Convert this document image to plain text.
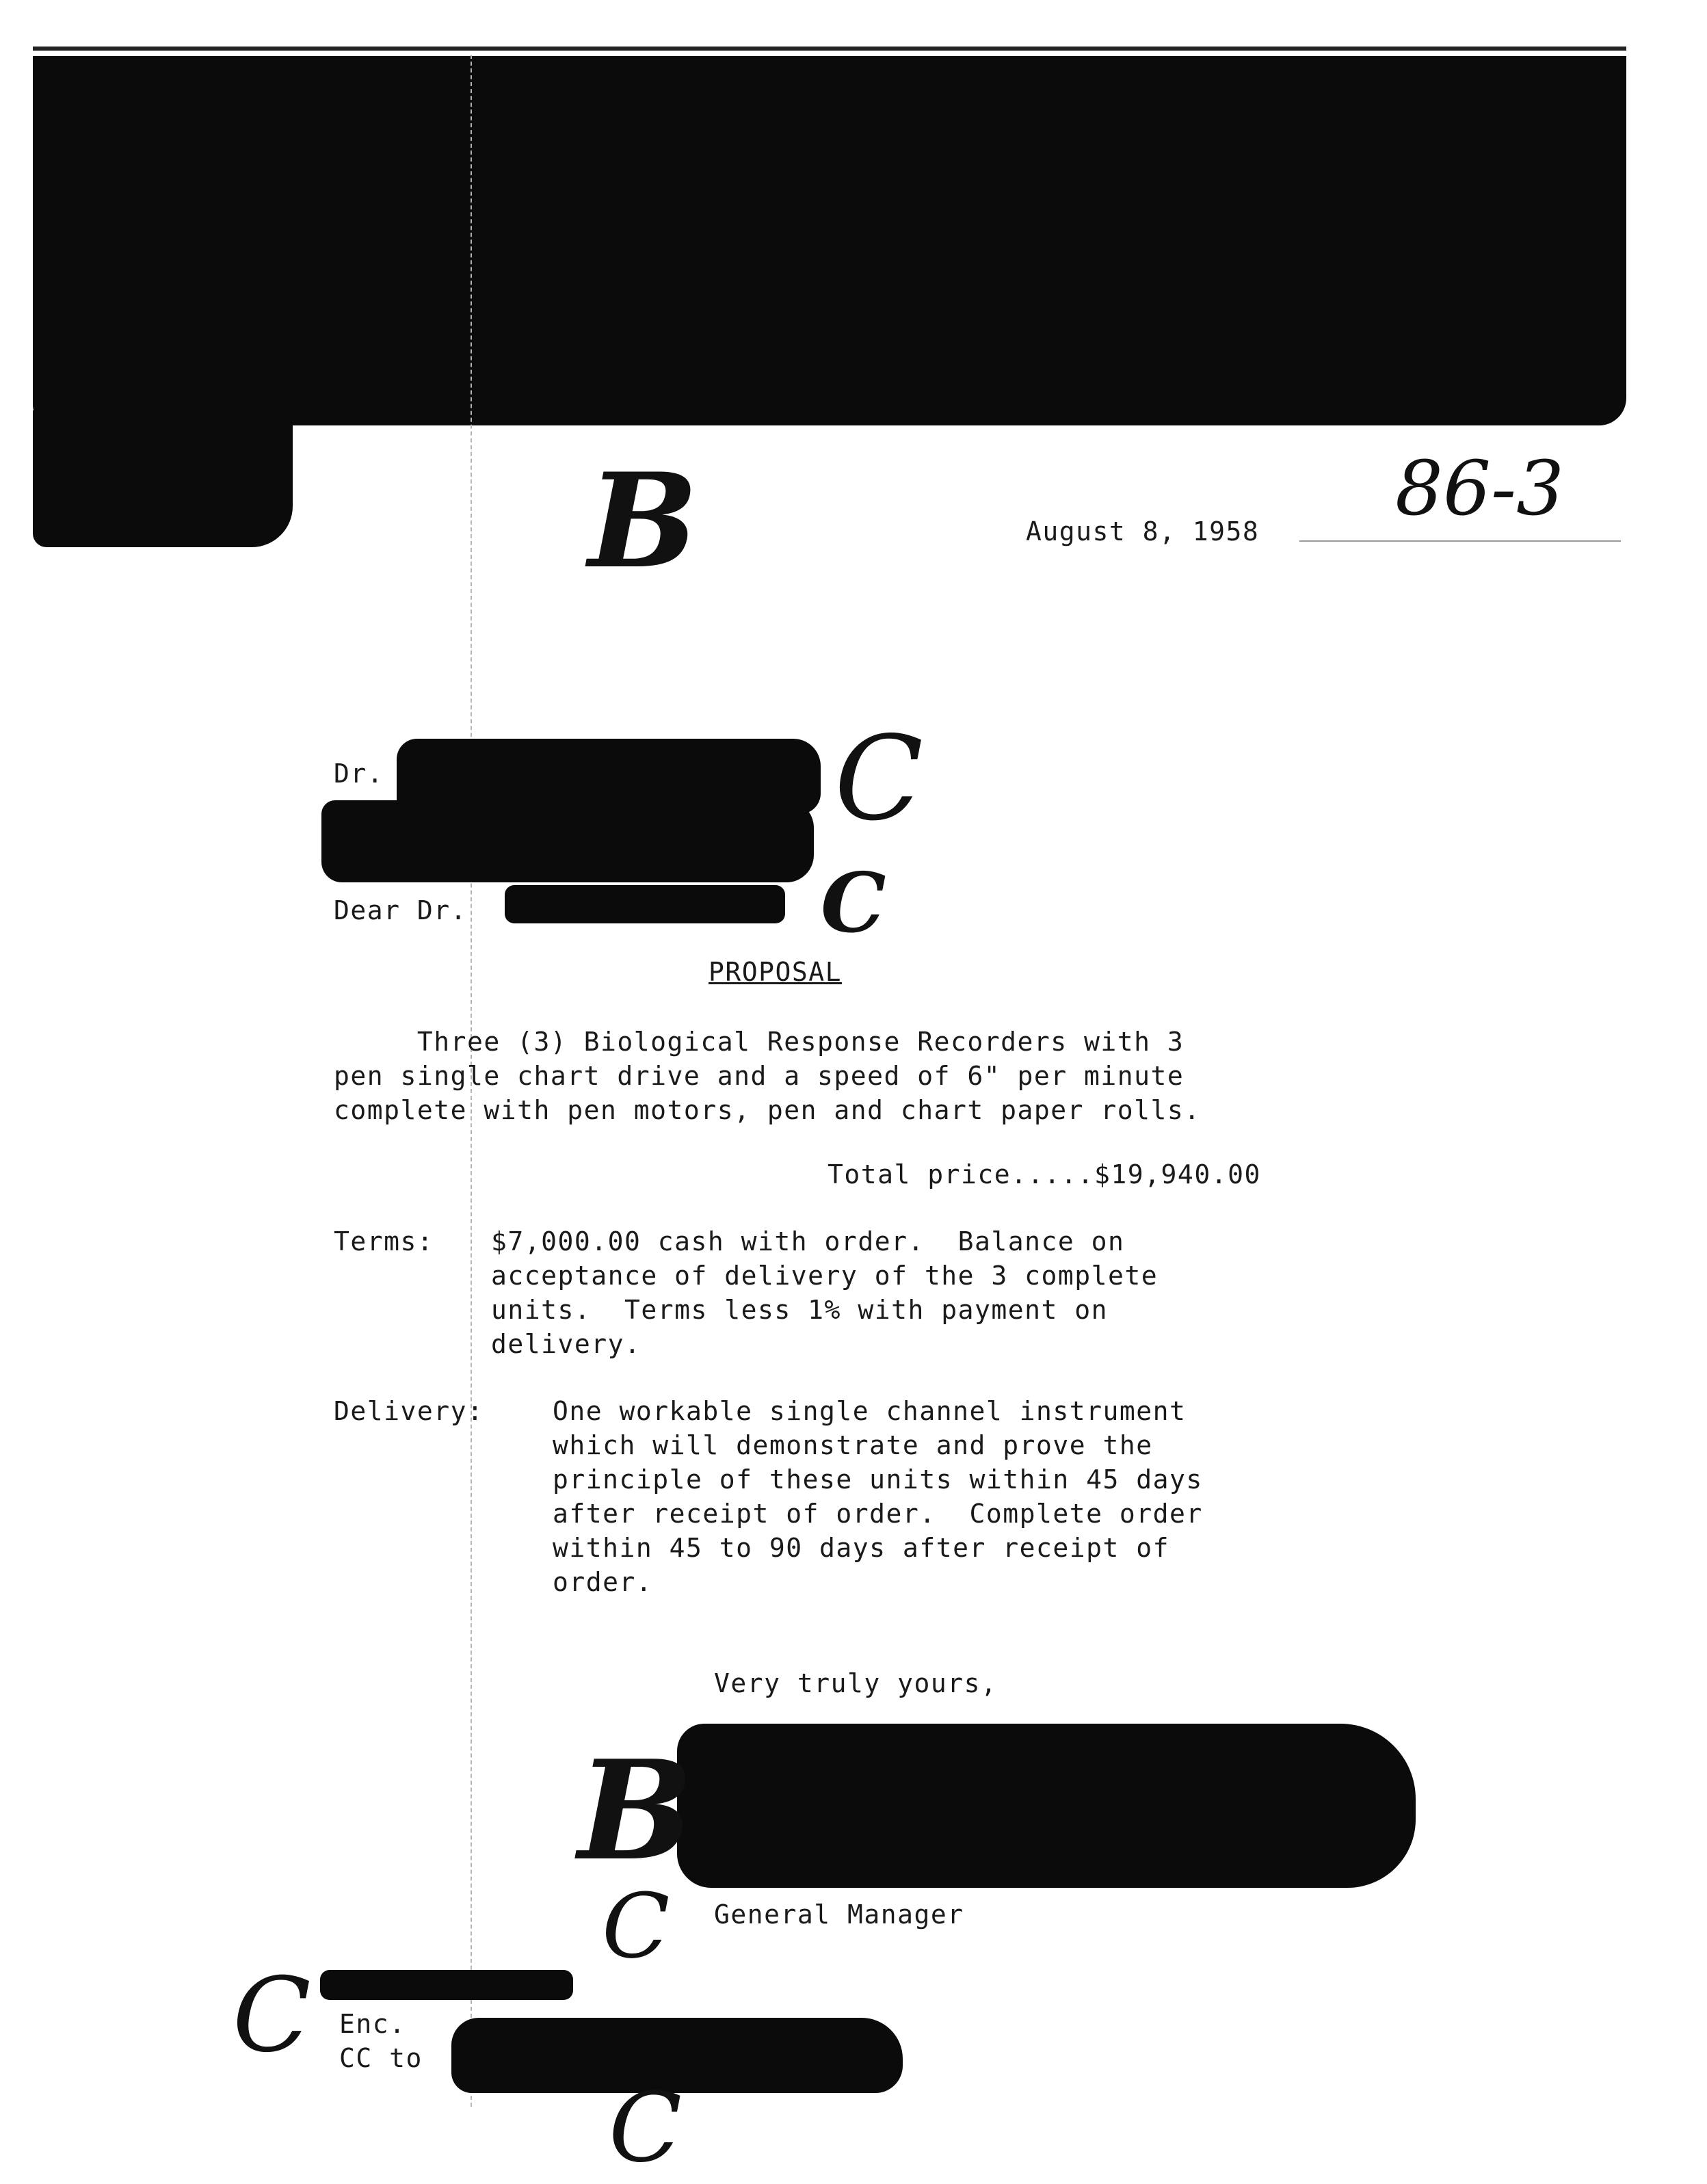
B	86-3
August 8, 1958
Dr.	C
Dear Dr.	C
PROPOSAL
Three (3) Biological Response Recorders with 3
pen single chart drive and a speed of 6" per minute
complete with pen motors, pen and chart paper rolls.
Total price.....$19,940.00
Terms: $7,000.00 cash with order.  Balance on
acceptance of delivery of the 3 complete
units.  Terms less 1% with payment on
delivery.
Delivery:	One workable single channel instrument
which will demonstrate and prove the
principle of these units within 45 days
after receipt of order.  Complete order
within 45 to 90 days after receipt of
order.
Very truly yours,
B
C General Manager
C Enc.
CC to
C
